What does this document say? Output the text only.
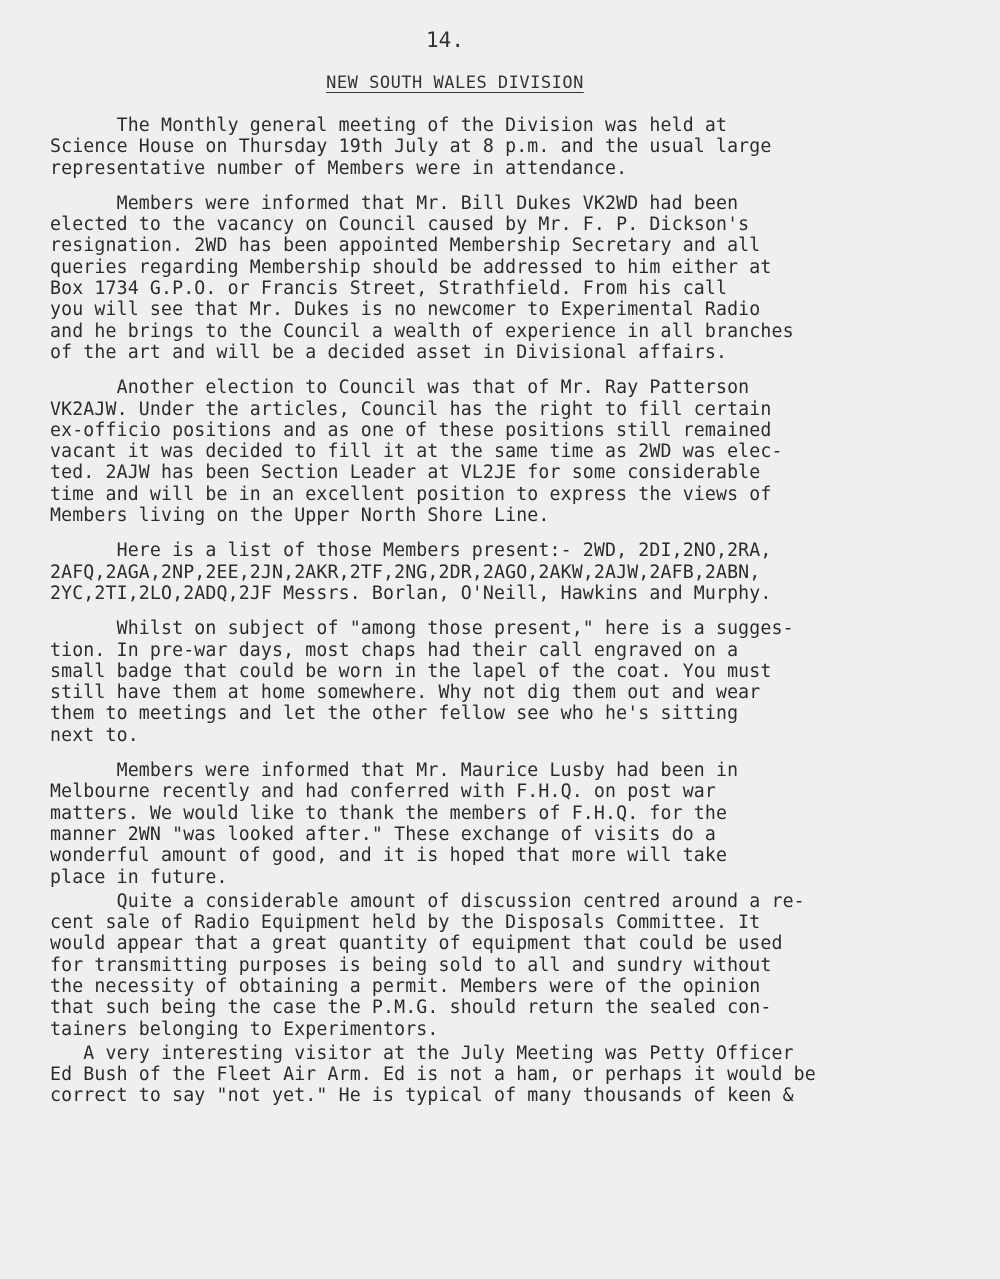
14.
NEW SOUTH WALES DIVISION
The Monthly general meeting of the Division was held at
Science House on Thursday 19th July at 8 p.m. and the usual large
representative number of Members were in attendance.
Members were informed that Mr. Bill Dukes VK2WD had been
elected to the vacancy on Council caused by Mr. F. P. Dickson's
resignation. 2WD has been appointed Membership Secretary and all
queries regarding Membership should be addressed to him either at
Box 1734 G.P.O. or Francis Street, Strathfield. From his call
you will see that Mr. Dukes is no newcomer to Experimental Radio
and he brings to the Council a wealth of experience in all branches
of the art and will be a decided asset in Divisional affairs.
Another election to Council was that of Mr. Ray Patterson
VK2AJW. Under the articles, Council has the right to fill certain
ex-officio positions and as one of these positions still remained
vacant it was decided to fill it at the same time as 2WD was elec-
ted. 2AJW has been Section Leader at VL2JE for some considerable
time and will be in an excellent position to express the views of
Members living on the Upper North Shore Line.
Here is a list of those Members present:- 2WD, 2DI,2NO,2RA,
2AFQ,2AGA,2NP,2EE,2JN,2AKR,2TF,2NG,2DR,2AGO,2AKW,2AJW,2AFB,2ABN,
2YC,2TI,2LO,2ADQ,2JF Messrs. Borlan, O'Neill, Hawkins and Murphy.
Whilst on subject of "among those present," here is a sugges-
tion. In pre-war days, most chaps had their call engraved on a
small badge that could be worn in the lapel of the coat. You must
still have them at home somewhere. Why not dig them out and wear
them to meetings and let the other fellow see who he's sitting
next to.
Members were informed that Mr. Maurice Lusby had been in
Melbourne recently and had conferred with F.H.Q. on post war
matters. We would like to thank the members of F.H.Q. for the
manner 2WN "was looked after." These exchange of visits do a
wonderful amount of good, and it is hoped that more will take
place in future.
Quite a considerable amount of discussion centred around a re-
cent sale of Radio Equipment held by the Disposals Committee. It
would appear that a great quantity of equipment that could be used
for transmitting purposes is being sold to all and sundry without
the necessity of obtaining a permit. Members were of the opinion
that such being the case the P.M.G. should return the sealed con-
tainers belonging to Experimentors.
A very interesting visitor at the July Meeting was Petty Officer
Ed Bush of the Fleet Air Arm. Ed is not a ham, or perhaps it would be
correct to say "not yet." He is typical of many thousands of keen &
